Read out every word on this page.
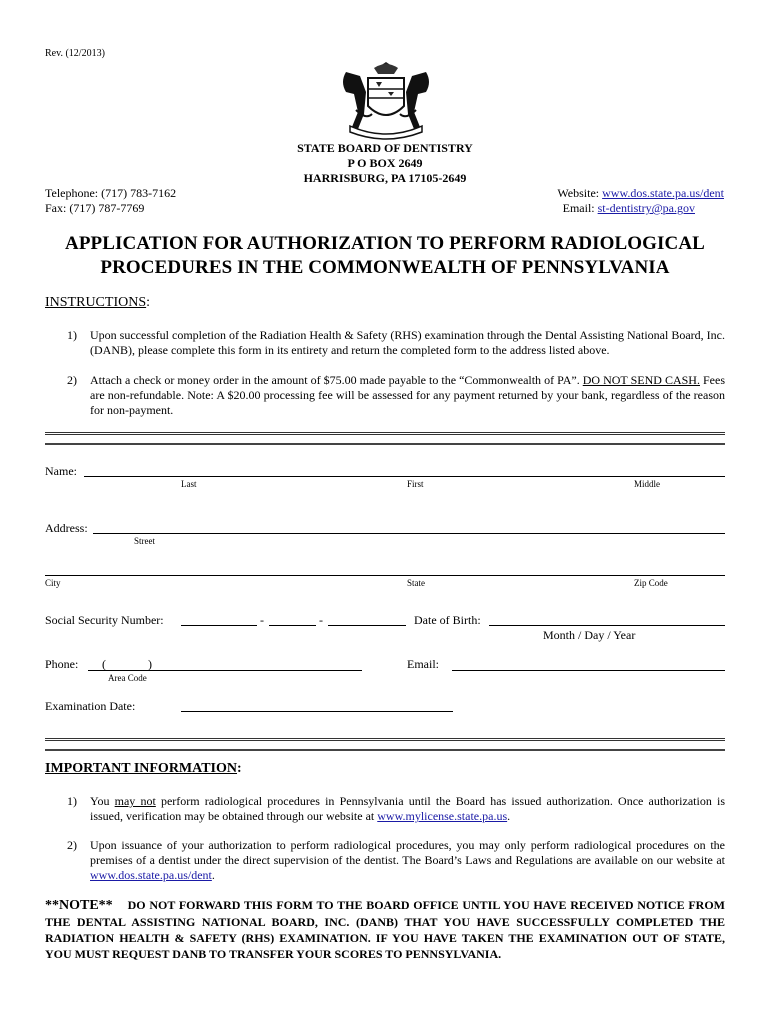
Rev. (12/2013)
STATE BOARD OF DENTISTRY
P O BOX 2649
HARRISBURG, PA 17105-2649
Telephone: (717) 783-7162
Fax: (717) 787-7769
Website: www.dos.state.pa.us/dent
Email: st-dentistry@pa.gov
APPLICATION FOR AUTHORIZATION TO PERFORM RADIOLOGICAL
PROCEDURES IN THE COMMONWEALTH OF PENNSYLVANIA
INSTRUCTIONS:
1) Upon successful completion of the Radiation Health & Safety (RHS) examination through the Dental Assisting National Board, Inc. (DANB), please complete this form in its entirety and return the completed form to the address listed above.
2) Attach a check or money order in the amount of $75.00 made payable to the “Commonwealth of PA”. DO NOT SEND CASH. Fees are non-refundable. Note: A $20.00 processing fee will be assessed for any payment returned by your bank, regardless of the reason for non-payment.
Name:
Last	First	Middle
Address:
Street
City	State	Zip Code
Social Security Number:	-	-	Date of Birth:
Month / Day / Year
Phone: (	)
Area Code
Email:
Examination Date:
IMPORTANT INFORMATION:
1) You may not perform radiological procedures in Pennsylvania until the Board has issued authorization. Once authorization is issued, verification may be obtained through our website at www.mylicense.state.pa.us.
2) Upon issuance of your authorization to perform radiological procedures, you may only perform radiological procedures on the premises of a dentist under the direct supervision of the dentist. The Board’s Laws and Regulations are available on our website at www.dos.state.pa.us/dent.
**NOTE** DO NOT FORWARD THIS FORM TO THE BOARD OFFICE UNTIL YOU HAVE RECEIVED NOTICE FROM THE DENTAL ASSISTING NATIONAL BOARD, INC. (DANB) THAT YOU HAVE SUCCESSFULLY COMPLETED THE RADIATION HEALTH & SAFETY (RHS) EXAMINATION. IF YOU HAVE TAKEN THE EXAMINATION OUT OF STATE, YOU MUST REQUEST DANB TO TRANSFER YOUR SCORES TO PENNSYLVANIA.
